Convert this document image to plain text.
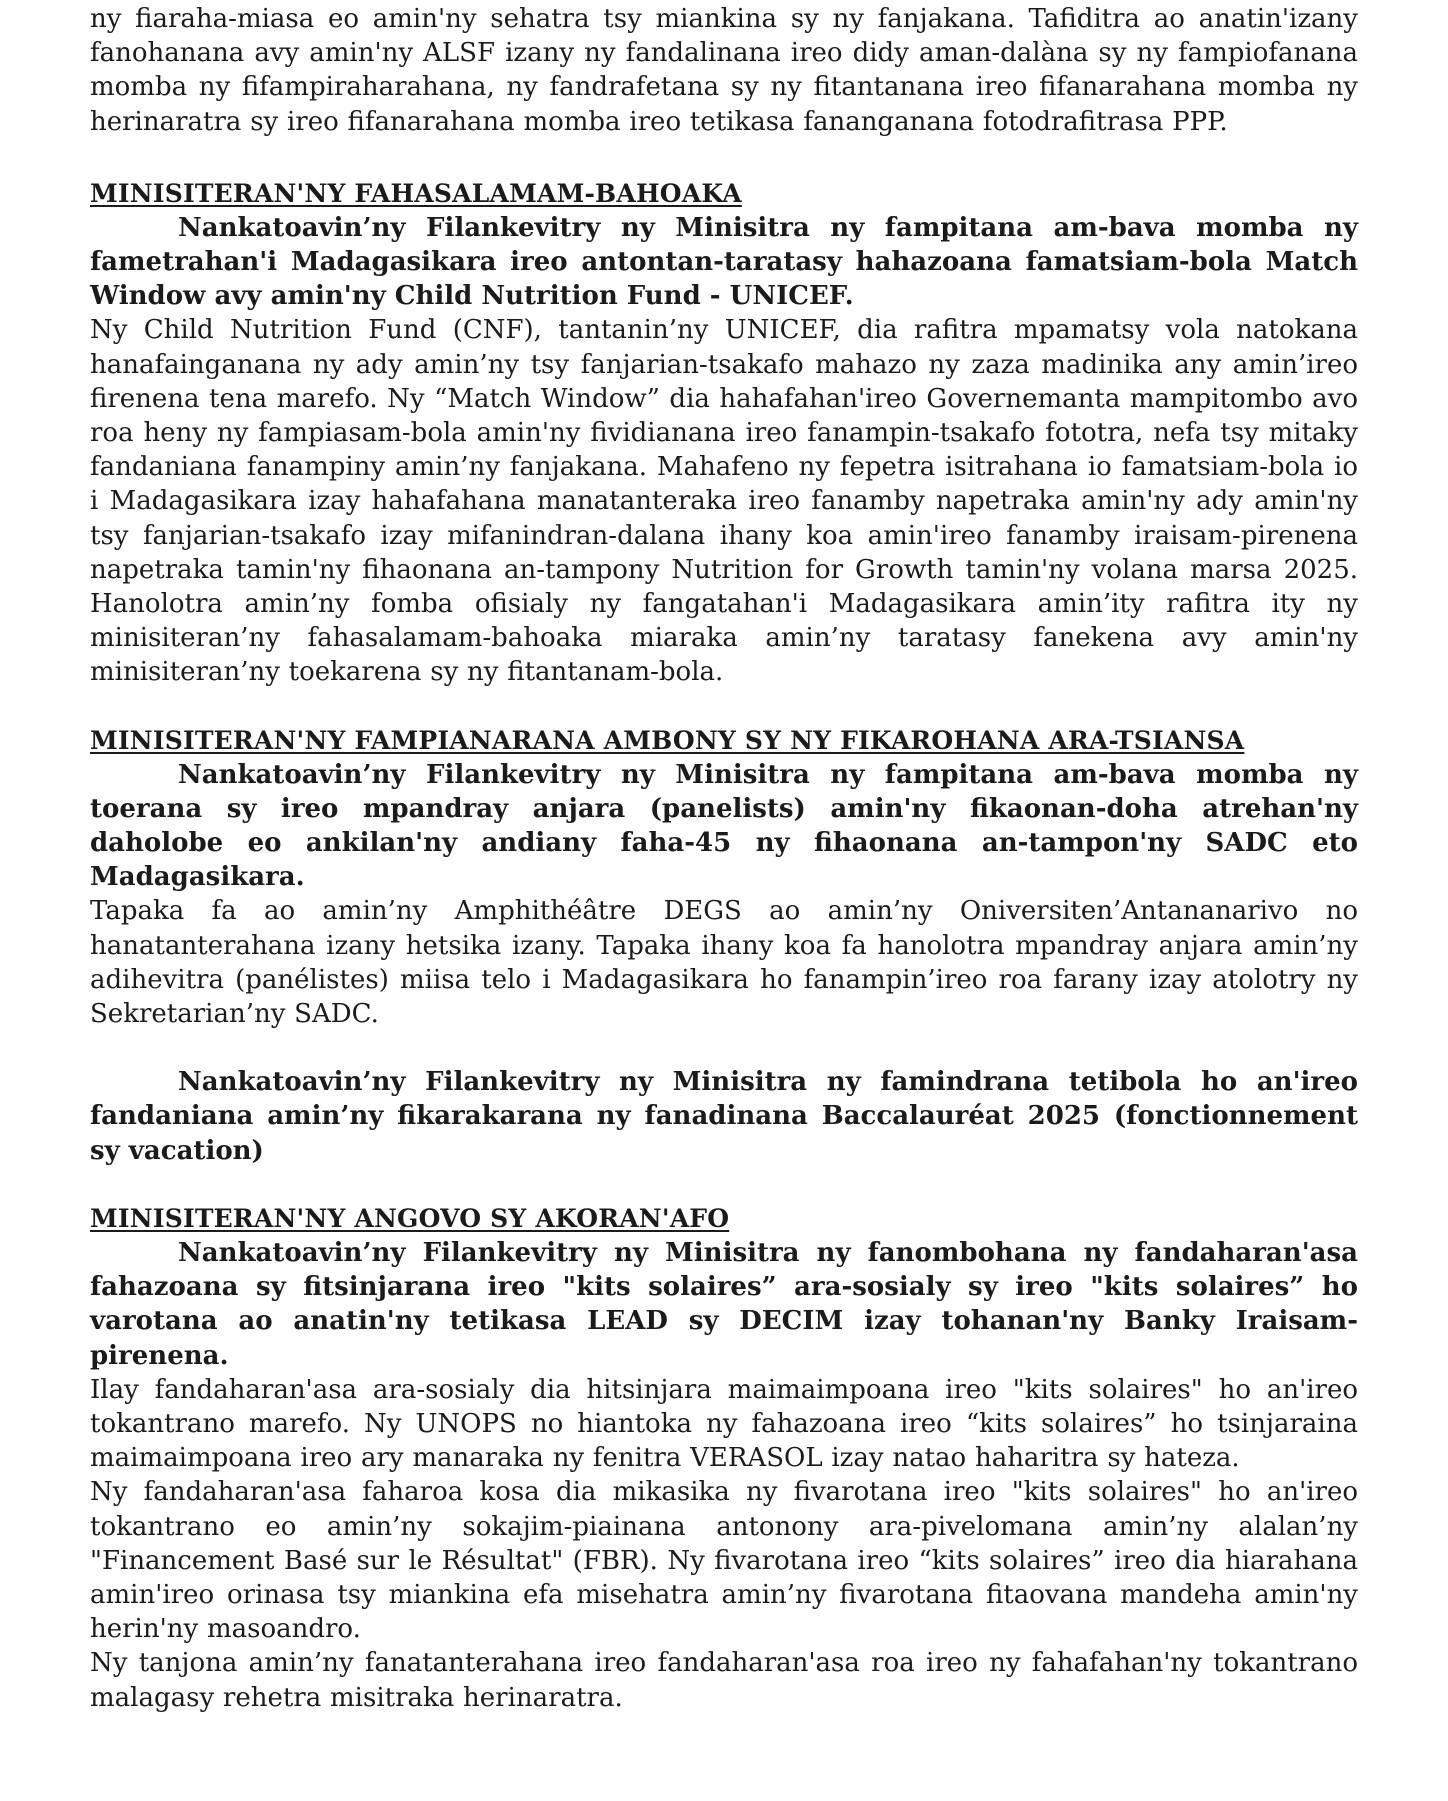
ny fiaraha-miasa eo amin'ny sehatra tsy miankina sy ny fanjakana. Tafiditra ao anatin'izany fanohanana avy amin'ny ALSF izany ny fandalinana ireo didy aman-dalàna sy ny fampiofanana momba ny fifampiraharahana, ny fandrafetana sy ny fitantanana ireo fifanarahana momba ny herinaratra sy ireo fifanarahana momba ireo tetikasa fananganana fotodrafitrasa PPP.

MINISITERAN'NY FAHASALAMAM-BAHOAKA

Nankatoavin’ny Filankevitry ny Minisitra ny fampitana am-bava momba ny fametrahan'i Madagasikara ireo antontan-taratasy hahazoana famatsiam-bola Match Window avy amin'ny Child Nutrition Fund - UNICEF.

Ny Child Nutrition Fund (CNF), tantanin’ny UNICEF, dia rafitra mpamatsy vola natokana hanafainganana ny ady amin’ny tsy fanjarian-tsakafo mahazo ny zaza madinika any amin’ireo firenena tena marefo. Ny “Match Window” dia hahafahan'ireo Governemanta mampitombo avo roa heny ny fampiasam-bola amin'ny fividianana ireo fanampin-tsakafo fototra, nefa tsy mitaky fandaniana fanampiny amin’ny fanjakana. Mahafeno ny fepetra isitrahana io famatsiam-bola io i Madagasikara izay hahafahana manatanteraka ireo fanamby napetraka amin'ny ady amin'ny tsy fanjarian-tsakafo izay mifanindran-dalana ihany koa amin'ireo fanamby iraisam-pirenena napetraka tamin'ny fihaonana an-tampony Nutrition for Growth tamin'ny volana marsa 2025. Hanolotra amin’ny fomba ofisialy ny fangatahan'i Madagasikara amin’ity rafitra ity ny minisiteran’ny fahasalamam-bahoaka miaraka amin’ny taratasy fanekena avy amin'ny minisiteran’ny toekarena sy ny fitantanam-bola.

MINISITERAN'NY FAMPIANARANA AMBONY SY NY FIKAROHANA ARA-TSIANSA

Nankatoavin’ny Filankevitry ny Minisitra ny fampitana am-bava momba ny toerana sy ireo mpandray anjara (panelists) amin'ny fikaonan-doha atrehan'ny daholobe eo ankilan'ny andiany faha-45 ny fihaonana an-tampon'ny SADC eto Madagasikara.

Tapaka fa ao amin’ny Amphithéâtre DEGS ao amin’ny Oniversiten’Antananarivo no hanatanterahana izany hetsika izany. Tapaka ihany koa fa hanolotra mpandray anjara amin’ny adihevitra (panélistes) miisa telo i Madagasikara ho fanampin’ireo roa farany izay atolotry ny Sekretarian’ny SADC.

Nankatoavin’ny Filankevitry ny Minisitra ny famindrana tetibola ho an'ireo fandaniana amin’ny fikarakarana ny fanadinana Baccalauréat 2025 (fonctionnement sy vacation)

MINISITERAN'NY ANGOVO SY AKORAN'AFO

Nankatoavin’ny Filankevitry ny Minisitra ny fanombohana ny fandaharan'asa fahazoana sy fitsinjarana ireo "kits solaires” ara-sosialy sy ireo "kits solaires” ho varotana ao anatin'ny tetikasa LEAD sy DECIM izay tohanan'ny Banky Iraisam-pirenena.

Ilay fandaharan'asa ara-sosialy dia hitsinjara maimaimpoana ireo "kits solaires" ho an'ireo tokantrano marefo. Ny UNOPS no hiantoka ny fahazoana ireo “kits solaires” ho tsinjaraina maimaimpoana ireo ary manaraka ny fenitra VERASOL izay natao haharitra sy hateza.

Ny fandaharan'asa faharoa kosa dia mikasika ny fivarotana ireo "kits solaires" ho an'ireo tokantrano eo amin’ny sokajim-piainana antonony ara-pivelomana amin’ny alalan’ny "Financement Basé sur le Résultat" (FBR). Ny fivarotana ireo “kits solaires” ireo dia hiarahana amin'ireo orinasa tsy miankina efa misehatra amin’ny fivarotana fitaovana mandeha amin'ny herin'ny masoandro.

Ny tanjona amin’ny fanatanterahana ireo fandaharan'asa roa ireo ny fahafahan'ny tokantrano malagasy rehetra misitraka herinaratra.
